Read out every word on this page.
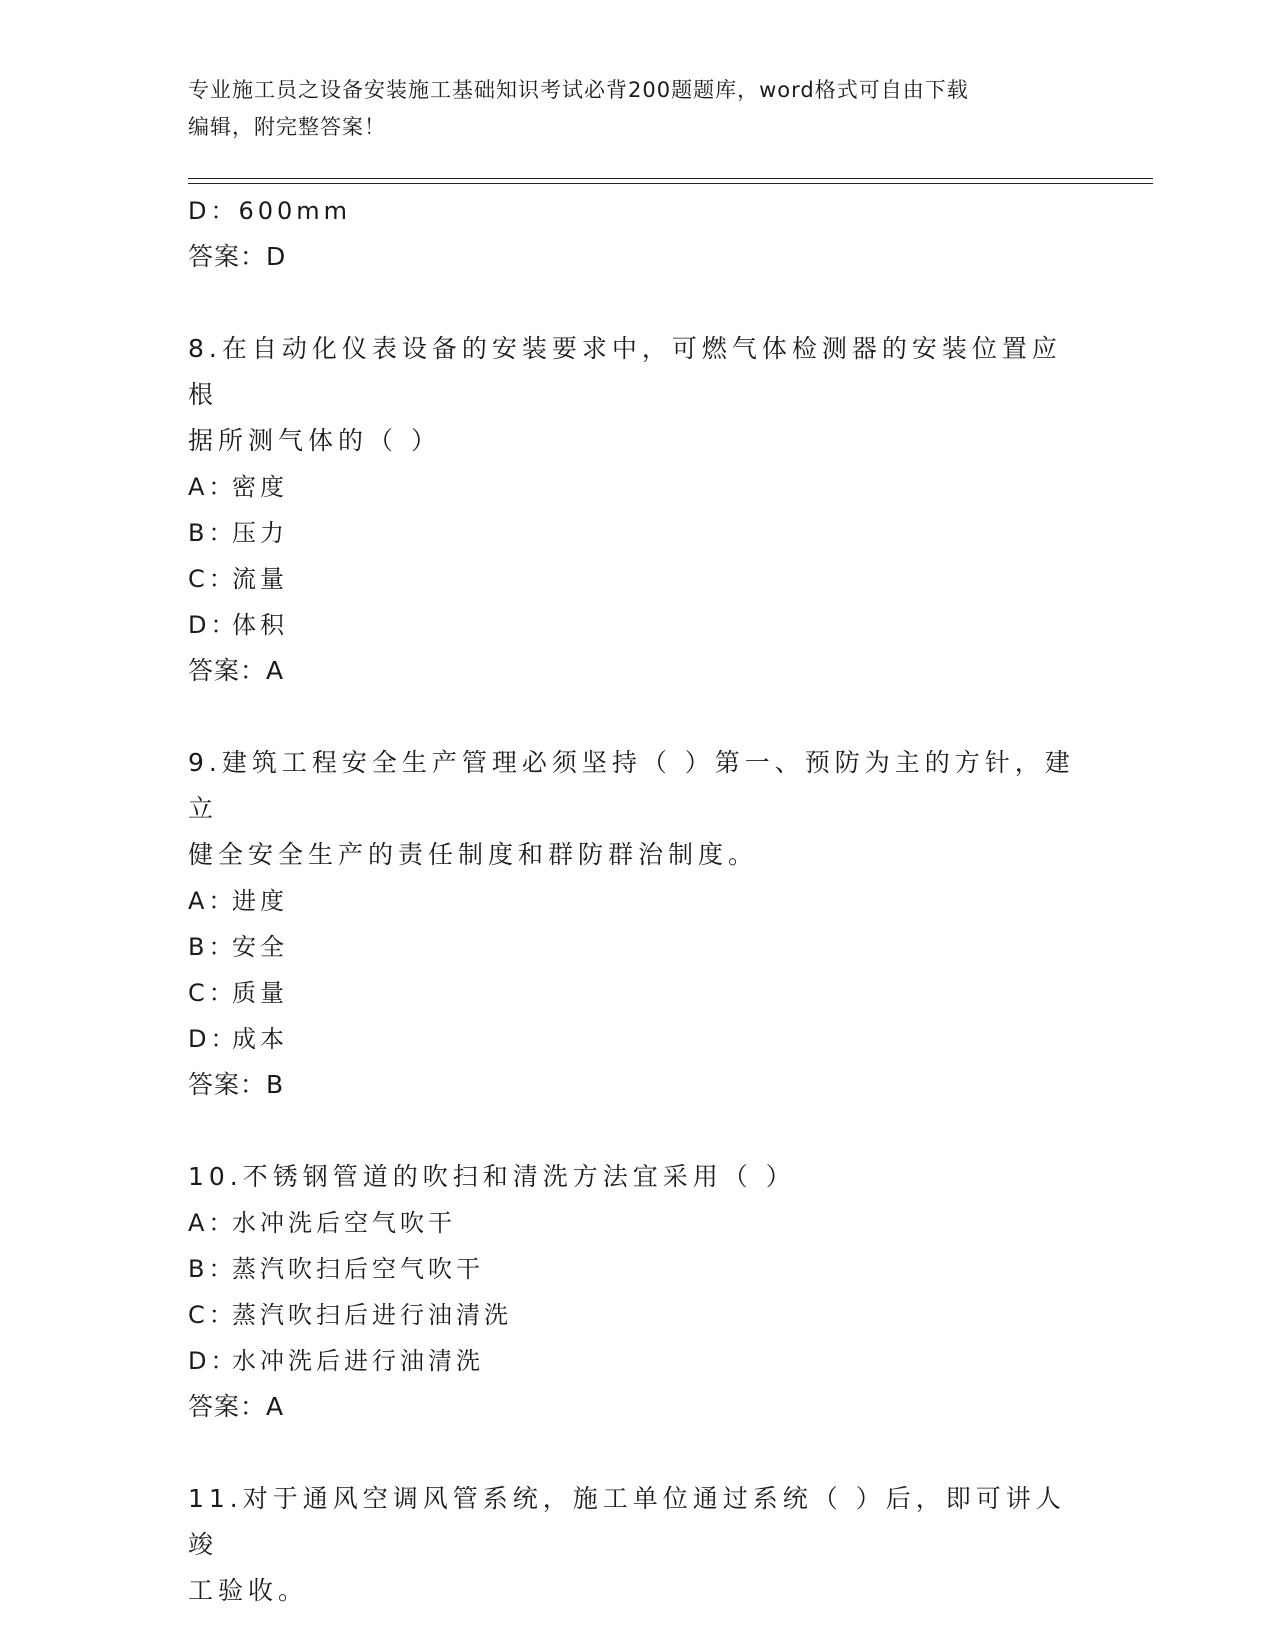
专业施工员之设备安装施工基础知识考试必背200题题库，word格式可自由下载
编辑，附完整答案！
D：600mm
答案：D
8.在自动化仪表设备的安装要求中，可燃气体检测器的安装位置应根
据所测气体的（ ）
A：密度
B：压力
C：流量
D：体积
答案：A
9.建筑工程安全生产管理必须坚持（ ）第一、预防为主的方针，建立
健全安全生产的责任制度和群防群治制度。
A：进度
B：安全
C：质量
D：成本
答案：B
10.不锈钢管道的吹扫和清洗方法宜采用（ ）
A：水冲洗后空气吹干
B：蒸汽吹扫后空气吹干
C：蒸汽吹扫后进行油清洗
D：水冲洗后进行油清洗
答案：A
11.对于通风空调风管系统，施工单位通过系统（ ）后，即可讲人竣
工验收。
